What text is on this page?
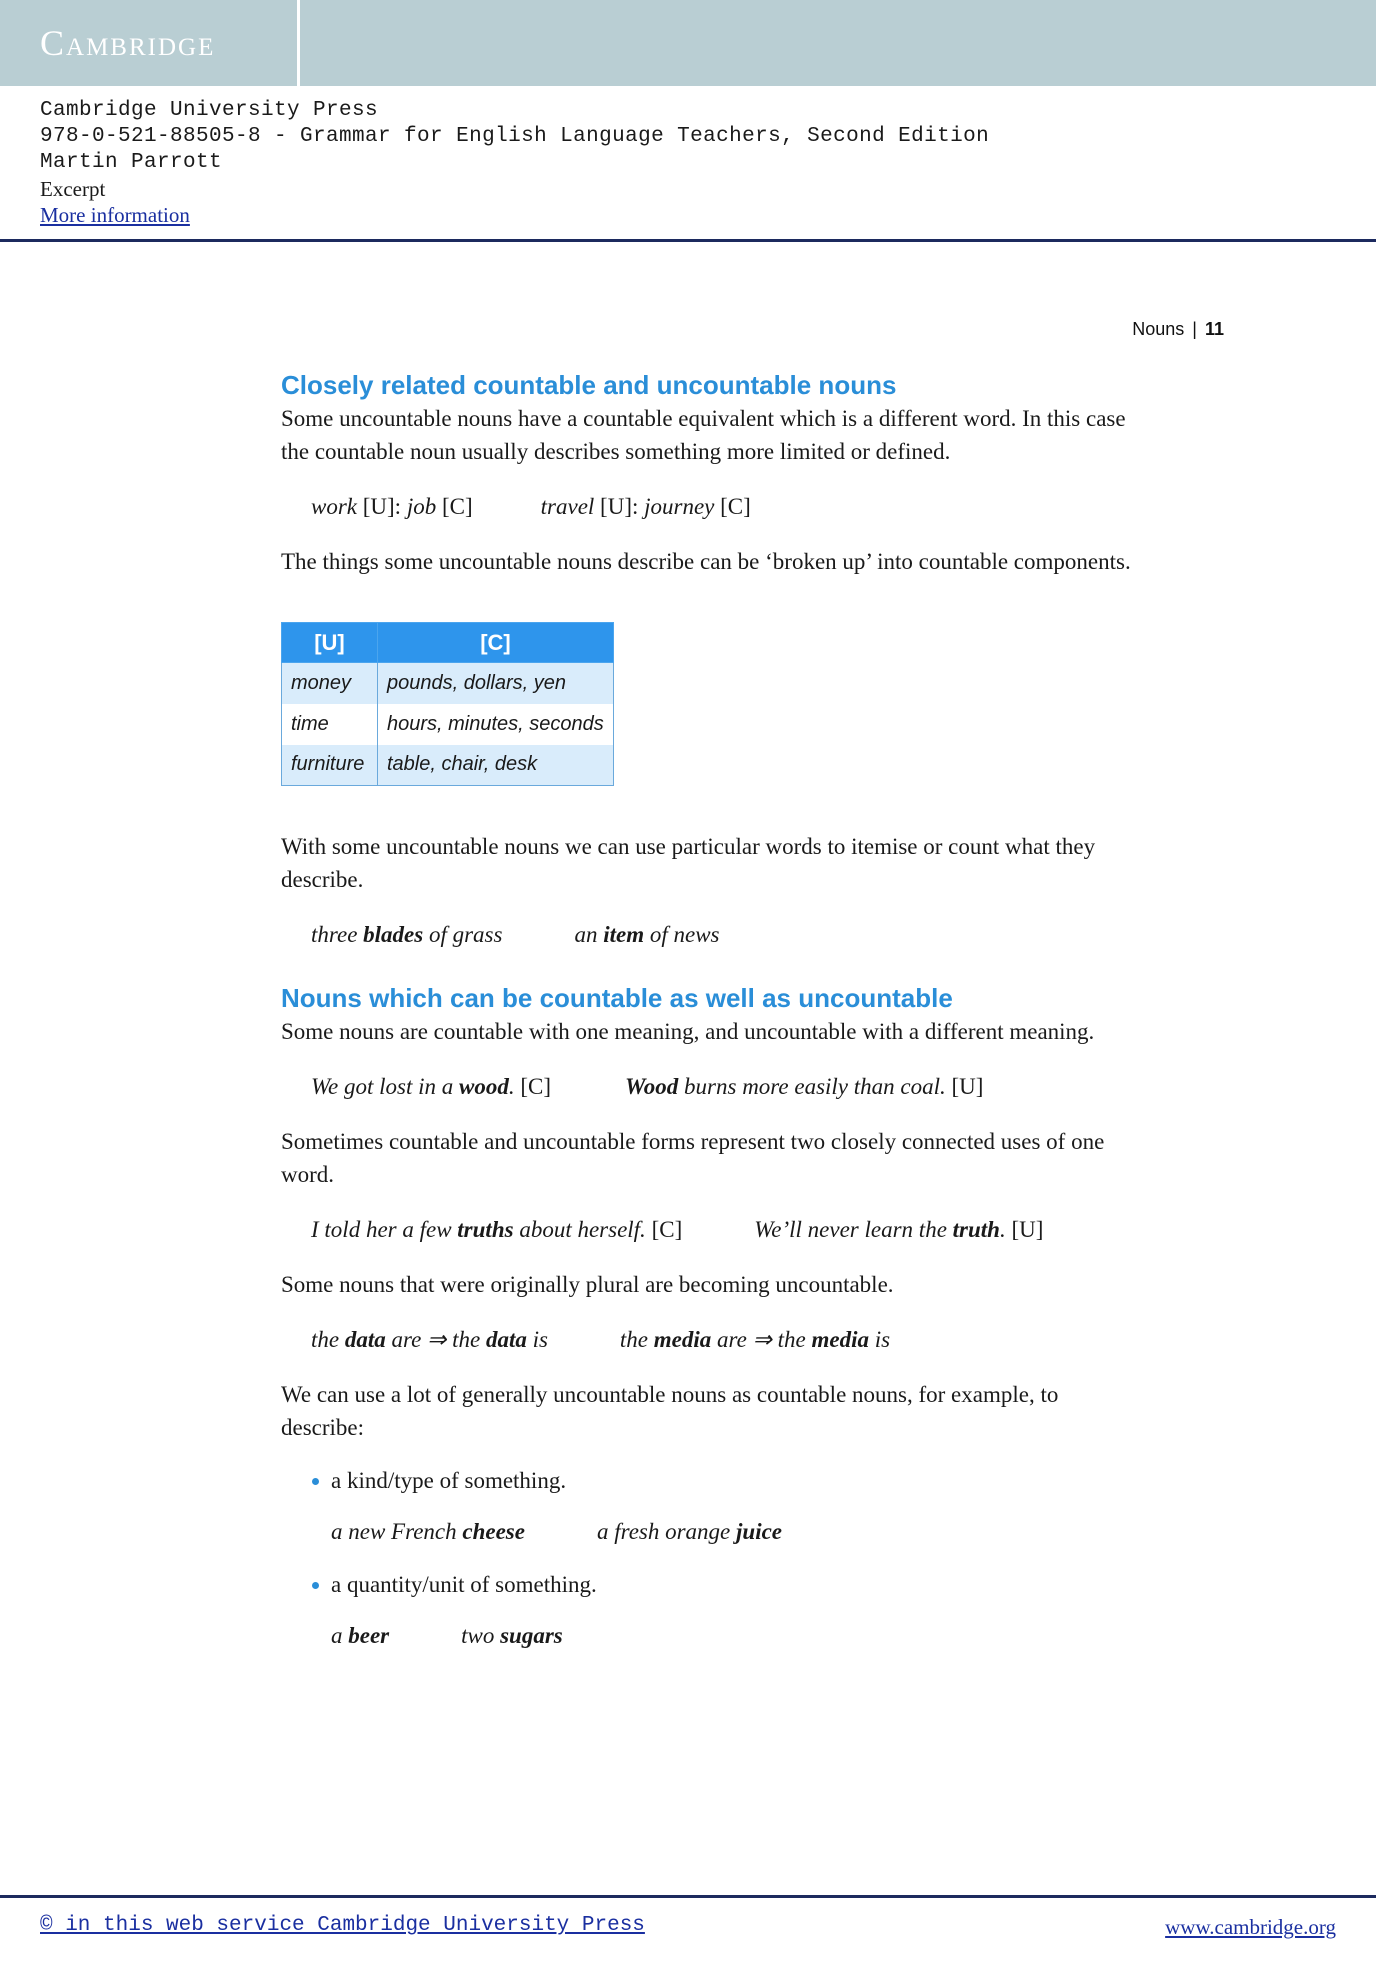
Cambridge
Cambridge University Press
978-0-521-88505-8 - Grammar for English Language Teachers, Second Edition
Martin Parrott
Excerpt
More information
Nouns | 11
Closely related countable and uncountable nouns

Some uncountable nouns have a countable equivalent which is a different word. In this case the countable noun usually describes something more limited or defined.

work [U]: job [C]	travel [U]: journey [C]

The things some uncountable nouns describe can be ‘broken up’ into countable components.

[U]	[C]
money	pounds, dollars, yen
time	hours, minutes, seconds
furniture	table, chair, desk

With some uncountable nouns we can use particular words to itemise or count what they describe.

three blades of grass	an item of news
Nouns which can be countable as well as uncountable

Some nouns are countable with one meaning, and uncountable with a different meaning.

We got lost in a wood. [C]	Wood burns more easily than coal. [U]

Sometimes countable and uncountable forms represent two closely connected uses of one word.

I told her a few truths about herself. [C]	We’ll never learn the truth. [U]

Some nouns that were originally plural are becoming uncountable.

the data are ⇒ the data is	the media are ⇒ the media is

We can use a lot of generally uncountable nouns as countable nouns, for example, to describe:

a kind/type of something.
a new French cheese	a fresh orange juice
a quantity/unit of something.
a beer	two sugars
© in this web service Cambridge University Press	www.cambridge.org
